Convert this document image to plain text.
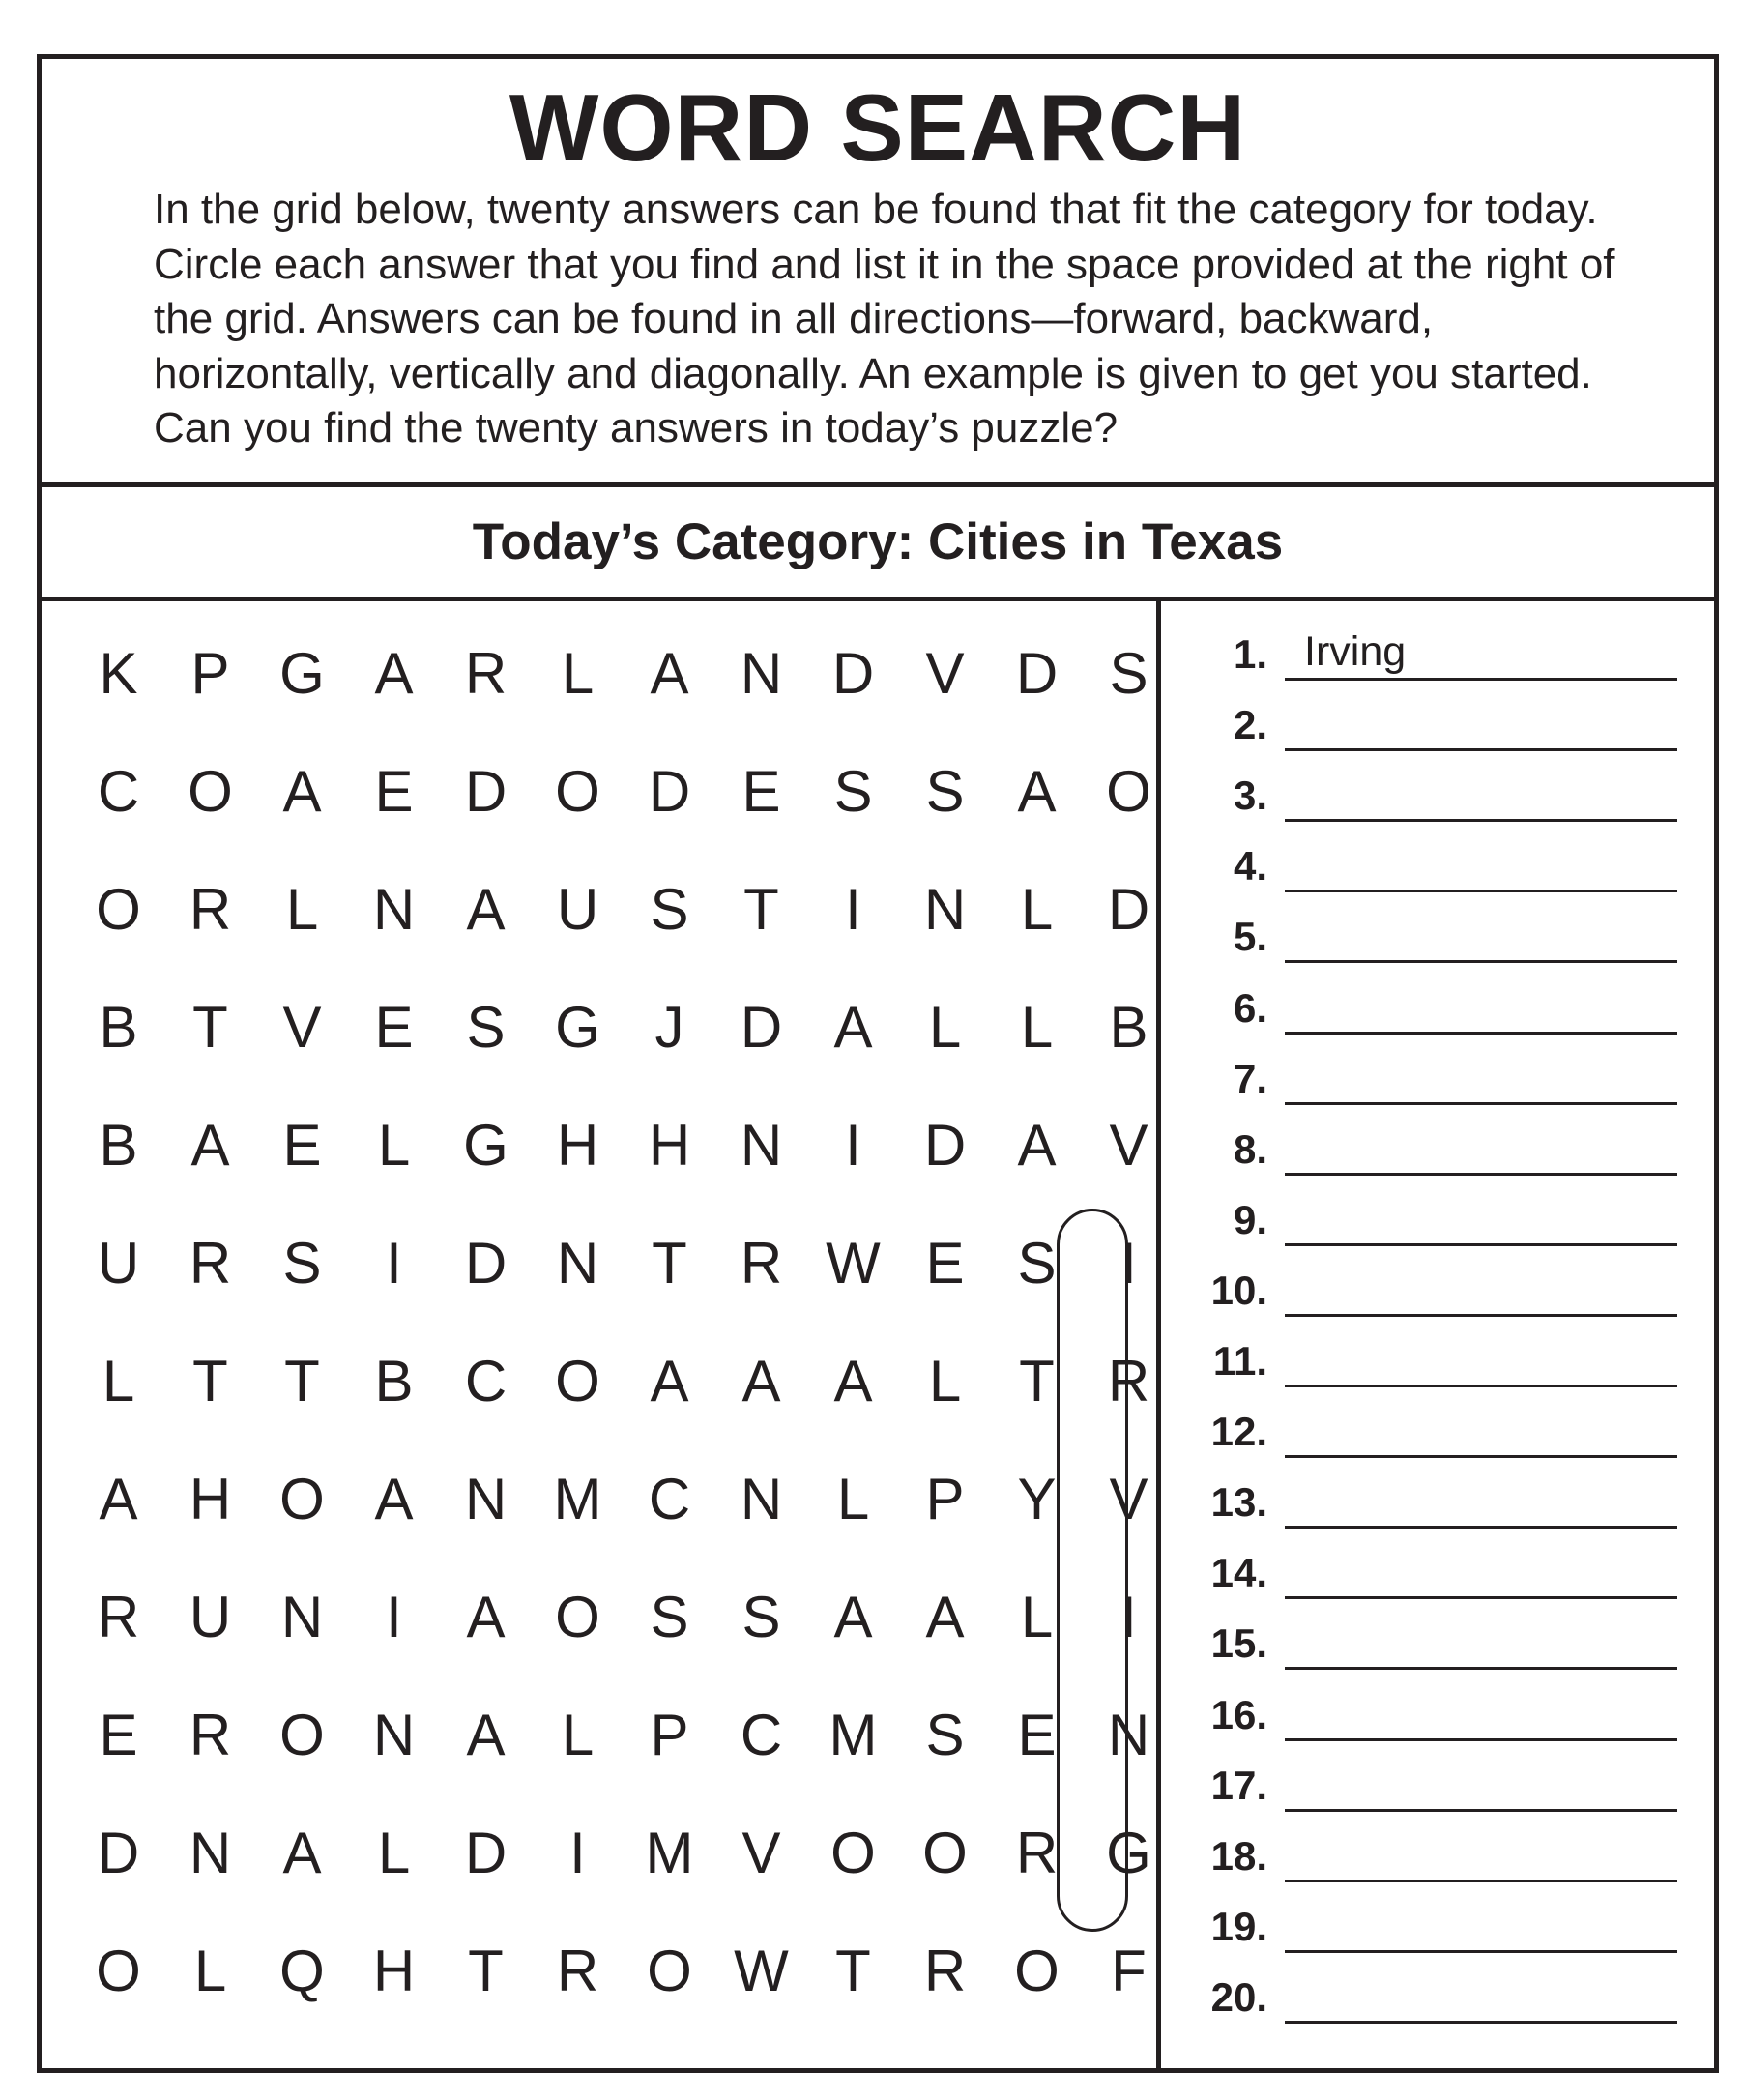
WORD SEARCH

In the grid below, twenty answers can be found that fit the category for today. Circle each answer that you find and list it in the space provided at the right of the grid. Answers can be found in all directions—forward, backward, horizontally, vertically and diagonally. An example is given to get you started. Can you find the twenty answers in today’s puzzle?

Today’s Category: Cities in Texas
K P G A R L A N D V D S
C O A E D O D E S S A O
O R L N A U S T	I	N L D
B T V E S G J D A L	L B
B A E L G H H N	I	D A V
U R S	I	D N T R W E S	I
L T T B C O A A A L T R
A H O A N M C N L P Y V
R U N	I	A O S S A A L	I
E R O N A L P C M S E N
D N A L D	I	M V O O R G
O L Q H T R O W T R O F
1. Irving
2.
3.
4.
5.
6.
7.
8.
9.
10.
11.
12.
13.
14.
15.
16.
17.
18.
19.
20.
